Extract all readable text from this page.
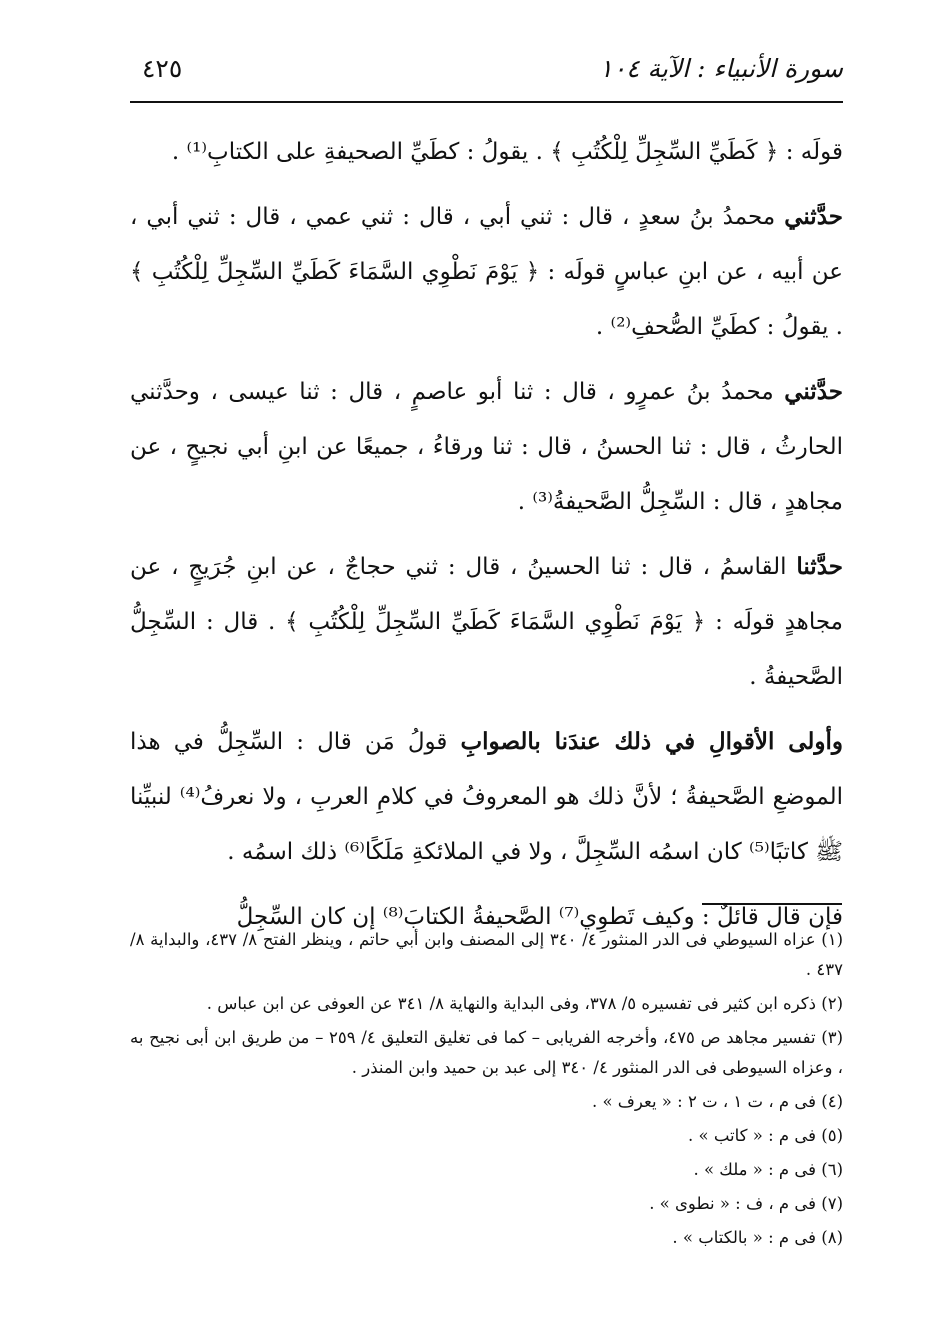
سورة الأنبياء : الآية ١٠٤
٤٢٥

قولَه : ﴿ كَطَيِّ السِّجِلِّ لِلْكُتُبِ ﴾ . يقولُ : كطَيِّ الصحيفةِ على الكتابِ⁽¹⁾ .

حدَّثني محمدُ بنُ سعدٍ ، قال : ثني أبي ، قال : ثني عمي ، قال : ثني أبي ، عن أبيه ، عن ابنِ عباسٍ قولَه : ﴿ يَوْمَ نَطْوِي السَّمَاءَ كَطَيِّ السِّجِلِّ لِلْكُتُبِ ﴾ . يقولُ : كطَيِّ الصُّحفِ⁽²⁾ .

حدَّثني محمدُ بنُ عمرٍو ، قال : ثنا أبو عاصمٍ ، قال : ثنا عيسى ، وحدَّثني الحارثُ ، قال : ثنا الحسنُ ، قال : ثنا ورقاءُ ، جميعًا عن ابنِ أبي نجيحٍ ، عن مجاهدٍ ، قال : السِّجِلُّ الصَّحيفةُ⁽³⁾ .

حدَّثنا القاسمُ ، قال : ثنا الحسينُ ، قال : ثني حجاجٌ ، عن ابنِ جُرَيجٍ ، عن مجاهدٍ قولَه : ﴿ يَوْمَ نَطْوِي السَّمَاءَ كَطَيِّ السِّجِلِّ لِلْكُتُبِ ﴾ . قال : السِّجِلُّ الصَّحيفةُ .

وأولى الأقوالِ في ذلك عندَنا بالصوابِ قولُ مَن قال : السِّجِلُّ في هذا الموضعِ الصَّحيفةُ ؛ لأنَّ ذلك هو المعروفُ في كلامِ العربِ ، ولا نعرفُ⁽⁴⁾ لنبيِّنا ﷺ كاتبًا⁽⁵⁾ كان اسمُه السِّجِلَّ ، ولا في الملائكةِ مَلَكًا⁽⁶⁾ ذلك اسمُه .

فإن قال قائلٌ : وكيف تَطوِي⁽⁷⁾ الصَّحيفةُ الكتابَ⁽⁸⁾ إن كان السِّجِلُّ

(١) عزاه السيوطي فى الدر المنثور ٤/ ٣٤٠ إلى المصنف وابن أبي حاتم ، وينظر الفتح ٨/ ٤٣٧، والبداية ٨/ ٤٣٧ .

(٢) ذكره ابن كثير فى تفسيره ٥/ ٣٧٨، وفى البداية والنهاية ٨/ ٣٤١ عن العوفى عن ابن عباس .

(٣) تفسير مجاهد ص ٤٧٥، وأخرجه الفريابى – كما فى تغليق التعليق ٤/ ٢٥٩ – من طريق ابن أبى نجيح به ، وعزاه السيوطى فى الدر المنثور ٤/ ٣٤٠ إلى عبد بن حميد وابن المنذر .

(٤) فى م ، ت ١ ، ت ٢ : « يعرف » .

(٥) فى م : « كاتب » .

(٦) فى م : « ملك » .

(٧) فى م ، ف : « نطوى » .

(٨) فى م : « بالكتاب » .
